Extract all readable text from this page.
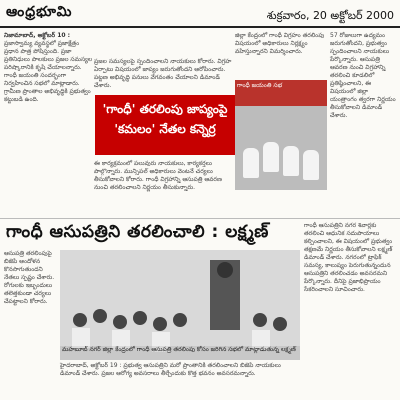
ఆంధ్రభూమి	శుక్రవారం, 20 అక్టోబర్ 2000

నిజామాబాద్, అక్టోబర్ 10 : ప్రజాస్వామ్య వ్యవస్థలో ప్రజాక్షేత్రం ప్రధాన పాత్ర పోషిస్తుంది. ప్రజా ప్రతినిధులు పాలకులు ప్రజల సమస్యల పరిష్కారానికి కృషి చేయాలన్నారు. గాంధీ జయంతి సందర్భంగా నిర్వహించిన సభలో మాట్లాడారు. గ్రామీణ ప్రాంతాల అభివృద్ధికి ప్రభుత్వం కట్టుబడి ఉంది.

ప్రజల సమస్యలపై స్పందించాలని నాయకులు కోరారు. విగ్రహ ఏర్పాటు విషయంలో జాప్యం జరుగుతోందని ఆరోపించారు. పట్టణ అభివృద్ధి పనులు వేగవంతం చేయాలని డిమాండ్ చేశారు.
'గాంధీ' తరలింపు జాప్యంపై
'కమలం' నేతల కన్నెర్ర
జిల్లా కేంద్రంలో గాంధీ విగ్రహం తరలింపు విషయంలో అధికారులు నిర్లక్ష్యం వహిస్తున్నారని విమర్శించారు.
గాంధీ జయంతి సభ
57 రోజులుగా ఉద్యమం జరుగుతోందని, ప్రభుత్వం స్పందించాలని నాయకులు పేర్కొన్నారు. ఆసుపత్రి ఆవరణ నుంచి విగ్రహాన్ని తరలించి కూడలిలో ప్రతిష్ఠించాలని, ఈ విషయంలో జిల్లా యంత్రాంగం త్వరగా నిర్ణయం తీసుకోవాలని డిమాండ్ చేశారు.
ఈ కార్యక్రమంలో పలువురు నాయకులు, కార్యకర్తలు పాల్గొన్నారు. మున్సిపల్ అధికారులు వెంటనే చర్యలు తీసుకోవాలని కోరారు. గాంధీ విగ్రహాన్ని ఆసుపత్రి ఆవరణ నుంచి తరలించాలని నిర్ణయం తీసుకున్నారు.
గాంధీ ఆసుపత్రిని తరలించాలి : లక్ష్మణ్
ఆసుపత్రి తరలింపుపై బిజెపి ఆందోళన కొనసాగుతుందని నేతలు స్పష్టం చేశారు. రోగులకు ఇబ్బందులు తలెత్తకుండా చర్యలు చేపట్టాలని కోరారు.
మహబూబ్ నగర్ జిల్లా కేంద్రంలో గాంధీ ఆసుపత్రి తరలింపు కోసం జరిగిన సభలో మాట్లాడుతున్న లక్ష్మణ్
హైదరాబాద్, అక్టోబర్ 19 : ప్రభుత్వ ఆసుపత్రిని మరో ప్రాంతానికి తరలించాలని బిజెపి నాయకులు డిమాండ్ చేశారు. ప్రజల ఆరోగ్య అవసరాలు తీర్చేందుకు కొత్త భవనం అవసరమన్నారు.
గాంధీ ఆసుపత్రిని నగర శివార్లకు తరలించి ఆధునిక సదుపాయాలు కల్పించాలని, ఈ విషయంలో ప్రభుత్వం తక్షణమే నిర్ణయం తీసుకోవాలని లక్ష్మణ్ డిమాండ్ చేశారు. నగరంలో ట్రాఫిక్ సమస్య, కాలుష్యం పెరుగుతున్నందున ఆసుపత్రిని తరలించడం అవసరమని పేర్కొన్నారు. దీనిపై ప్రజాభిప్రాయం సేకరించాలని సూచించారు.
